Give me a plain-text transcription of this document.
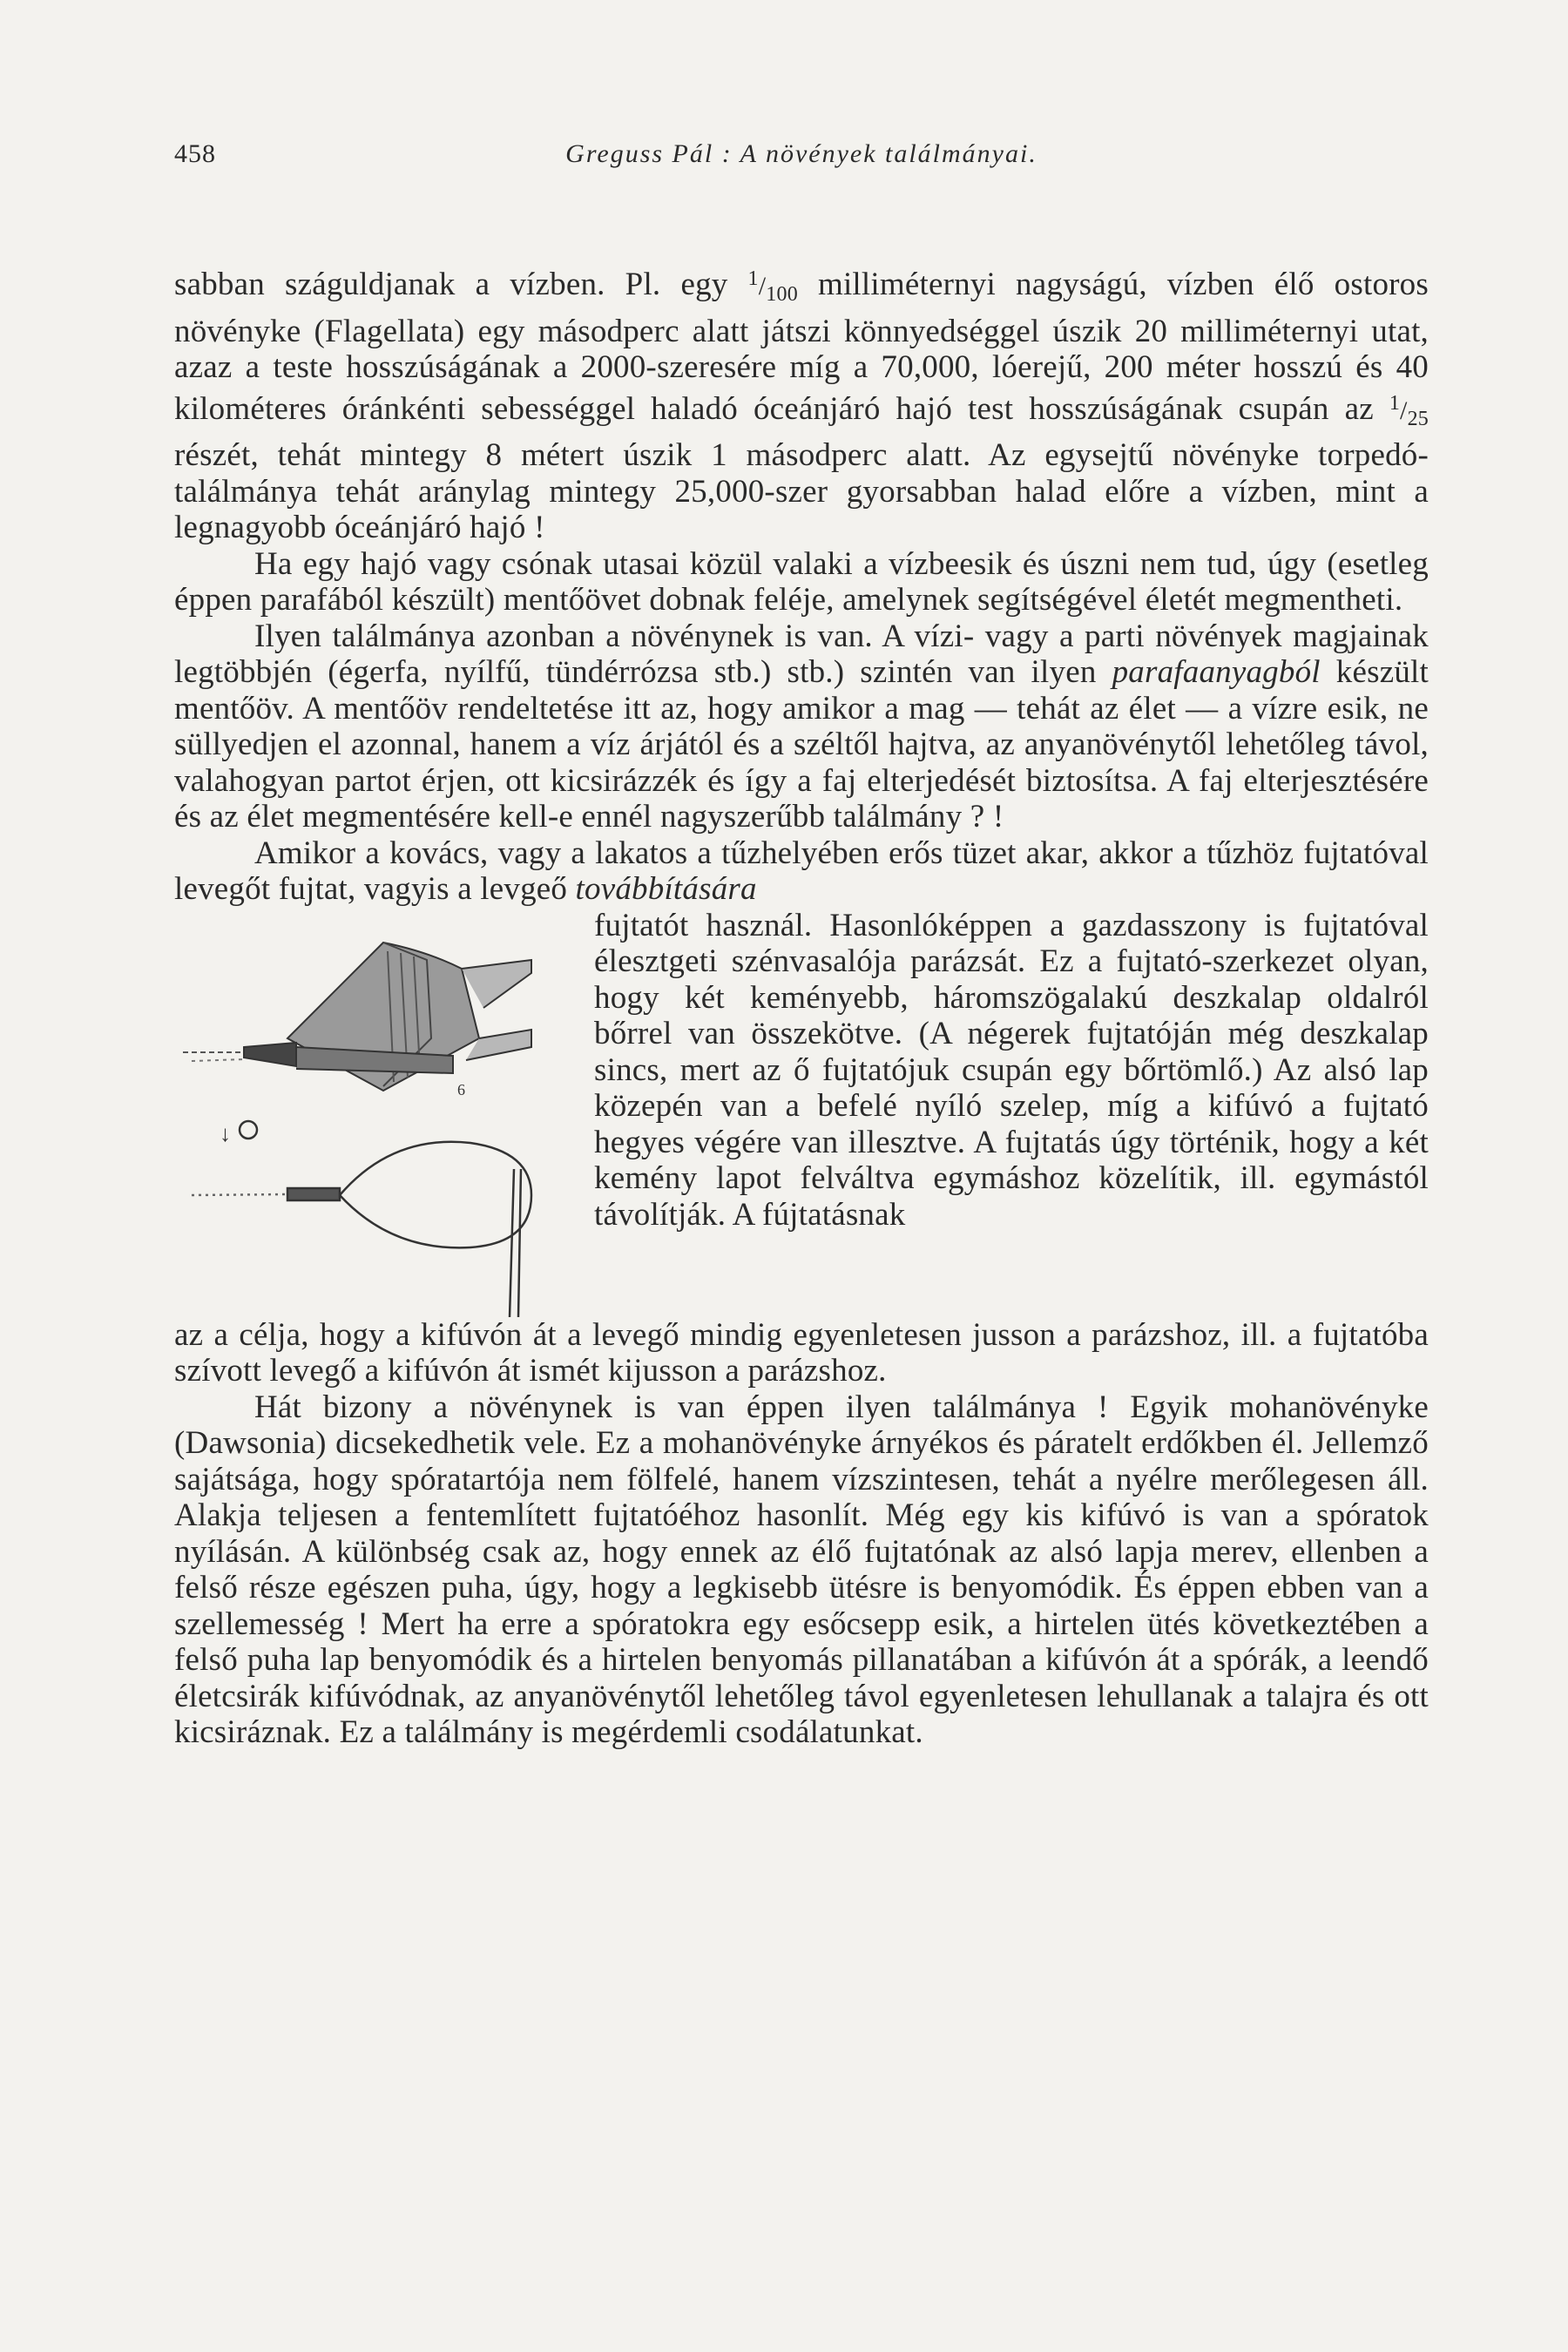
458	Greguss Pál : A növények találmányai.

sabban száguldjanak a vízben. Pl. egy $^1/_{100}$ milliméternyi nagyságú, vízben élő ostoros növényke (Flagellata) egy másodperc alatt játszi könnyedséggel úszik 20 milliméternyi utat, azaz a teste hosszúságának a 2000-szeresére míg a 70,000, lóerejű, 200 méter hosszú és 40 kilométeres óránkénti sebességgel haladó óceánjáró hajó test hosszúságának csupán az $^1/_{25}$ részét, tehát mintegy 8 métert úszik 1 másodperc alatt. Az egysejtű növényke torpedó-találmánya tehát aránylag mintegy 25,000-szer gyorsabban halad előre a vízben, mint a legnagyobb óceánjáró hajó !

Ha egy hajó vagy csónak utasai közül valaki a vízbeesik és úszni nem tud, úgy (esetleg éppen parafából készült) mentőövet dobnak feléje, amelynek segítségével életét megmentheti.

Ilyen találmánya azonban a növénynek is van. A vízi- vagy a parti növények magjainak legtöbbjén (égerfa, nyílfű, tündérrózsa stb.) stb.) szintén van ilyen parafaanyagból készült mentőöv. A mentőöv rendeltetése itt az, hogy amikor a mag — tehát az élet — a vízre esik, ne süllyedjen el azonnal, hanem a víz árjától és a széltől hajtva, az anyanövénytől lehetőleg távol, valahogyan partot érjen, ott kicsirázzék és így a faj elterjedését biztosítsa. A faj elterjesztésére és az élet megmentésére kell-e ennél nagyszerűbb találmány ? !

Amikor a kovács, vagy a lakatos a tűzhelyében erős tüzet akar, akkor a tűzhöz fujtatóval levegőt fujtat, vagyis a levgeő továbbítására

6
↓

fujtatót használ. Hasonlóképpen a gazdasszony is fujtatóval élesztgeti szénvasalója parázsát. Ez a fujtató-szerkezet olyan, hogy két keményebb, háromszögalakú deszkalap oldalról bőrrel van összekötve. (A négerek fujtatóján még deszkalap sincs, mert az ő fujtatójuk csupán egy bőrtömlő.) Az alsó lap közepén van a befelé nyíló szelep, míg a kifúvó a fujtató hegyes végére van illesztve. A fujtatás úgy történik, hogy a két kemény lapot felváltva egymáshoz közelítik, ill. egymástól távolítják. A fújtatásnak

az a célja, hogy a kifúvón át a levegő mindig egyenletesen jusson a parázshoz, ill. a fujtatóba szívott levegő a kifúvón át ismét kijusson a parázshoz.

Hát bizony a növénynek is van éppen ilyen találmánya ! Egyik mohanövényke (Dawsonia) dicsekedhetik vele. Ez a mohanövényke árnyékos és páratelt erdőkben él. Jellemző sajátsága, hogy spóratartója nem fölfelé, hanem vízszintesen, tehát a nyélre merőlegesen áll. Alakja teljesen a fentemlített fujtatóéhoz hasonlít. Még egy kis kifúvó is van a spóratok nyílásán. A különbség csak az, hogy ennek az élő fujtatónak az alsó lapja merev, ellenben a felső része egészen puha, úgy, hogy a legkisebb ütésre is benyomódik. És éppen ebben van a szellemesség ! Mert ha erre a spóratokra egy esőcsepp esik, a hirtelen ütés következtében a felső puha lap benyomódik és a hirtelen benyomás pillanatában a kifúvón át a spórák, a leendő életcsirák kifúvódnak, az anyanövénytől lehetőleg távol egyenletesen lehullanak a talajra és ott kicsiráznak. Ez a találmány is megérdemli csodálatunkat.
